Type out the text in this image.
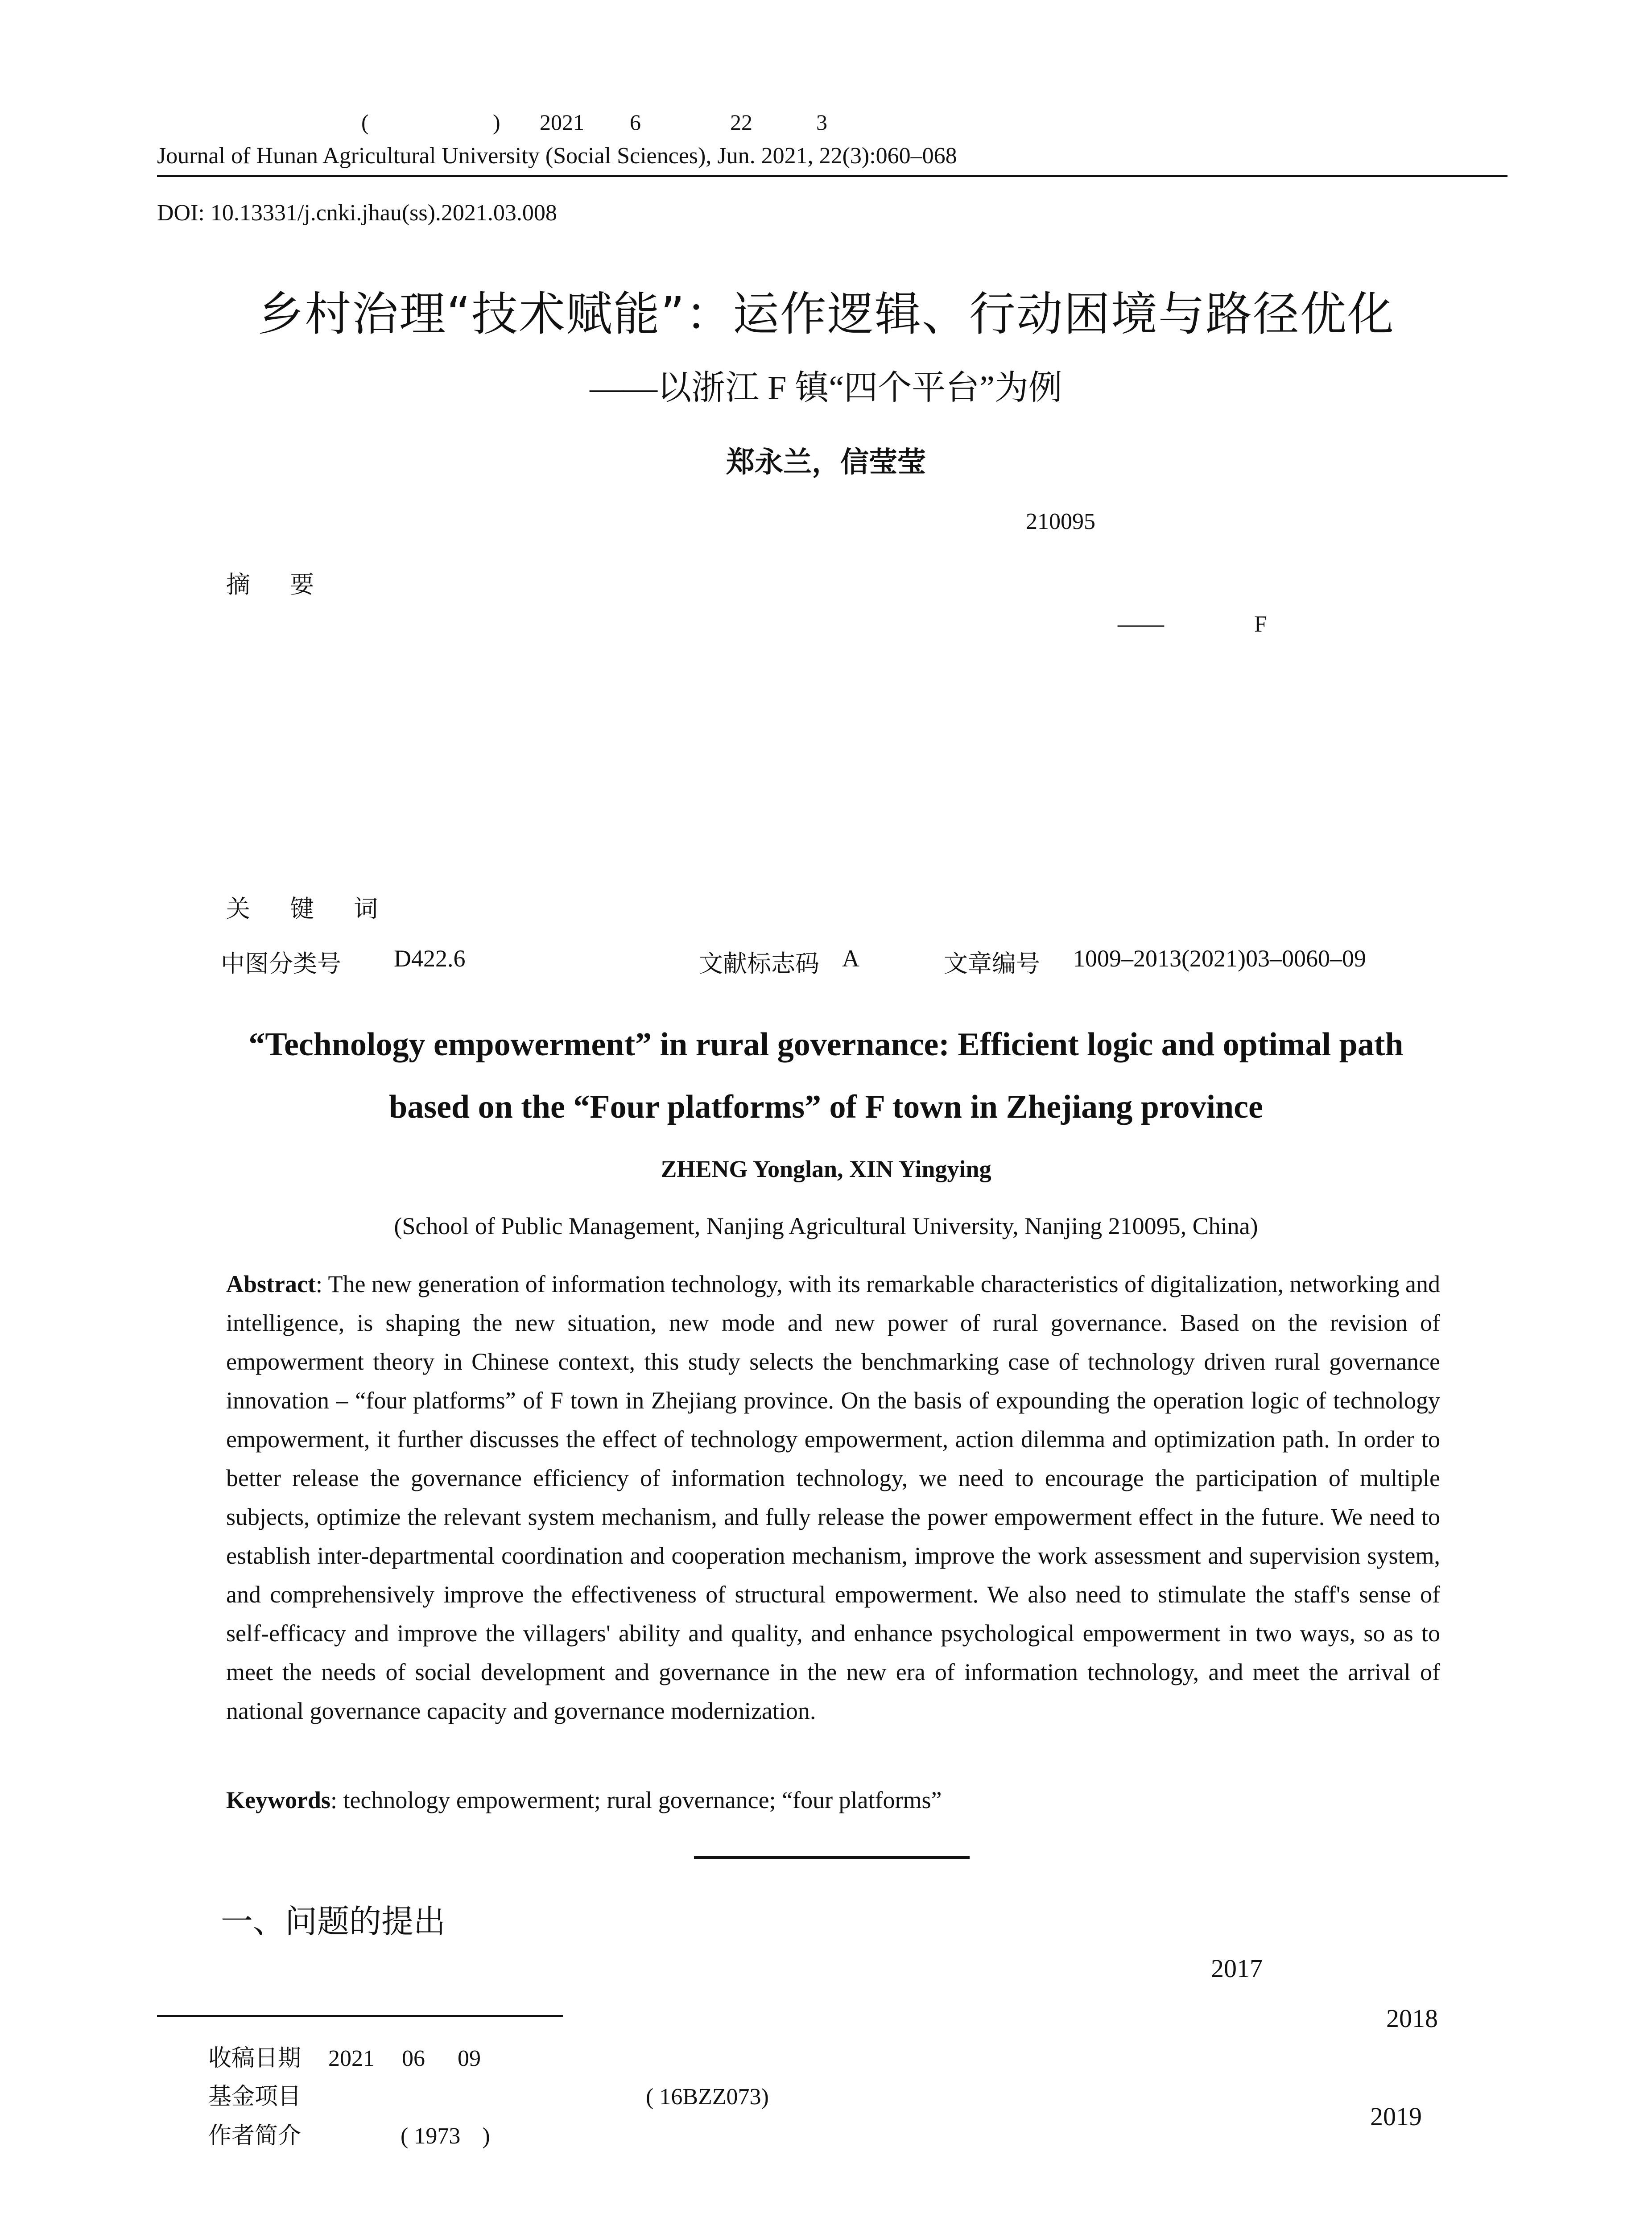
(	) 2021 6	22	3
Journal of Hunan Agricultural University (Social Sciences), Jun. 2021, 22(3):060–068
DOI: 10.13331/j.cnki.jhau(ss).2021.03.008
乡村治理“技术赋能”：运作逻辑、行动困境与路径优化
——以浙江 F 镇“四个平台”为例
郑永兰，信莹莹
210095
摘 要
——	F
关 键 词
中图分类号 D422.6	文献标志码 A	文章编号 1009–2013(2021)03–0060–09
“Technology empowerment” in rural governance: Efficient logic and optimal path
based on the “Four platforms” of F town in Zhejiang province
ZHENG Yonglan, XIN Yingying
(School of Public Management, Nanjing Agricultural University, Nanjing 210095, China)
Abstract: The new generation of information technology, with its remarkable characteristics of digitalization, networking and intelligence, is shaping the new situation, new mode and new power of rural governance. Based on the revision of empowerment theory in Chinese context, this study selects the benchmarking case of technology driven rural governance innovation – “four platforms” of F town in Zhejiang province. On the basis of expounding the operation logic of technology empowerment, it further discusses the effect of technology empowerment, action dilemma and optimization path. In order to better release the governance efficiency of information technology, we need to encourage the participation of multiple subjects, optimize the relevant system mechanism, and fully release the power empowerment effect in the future. We need to establish inter-departmental coordination and cooperation mechanism, improve the work assessment and supervision system, and comprehensively improve the effectiveness of structural empowerment. We also need to stimulate the staff's sense of self-efficacy and improve the villagers' ability and quality, and enhance psychological empowerment in two ways, so as to meet the needs of social development and governance in the new era of information technology, and meet the arrival of national governance capacity and governance modernization.
Keywords: technology empowerment; rural governance; “four platforms”
一、问题的提出
2017
2018
2019
收稿日期 2021 06 09
基金项目	( 16BZZ073)
作者简介	( 1973 )
